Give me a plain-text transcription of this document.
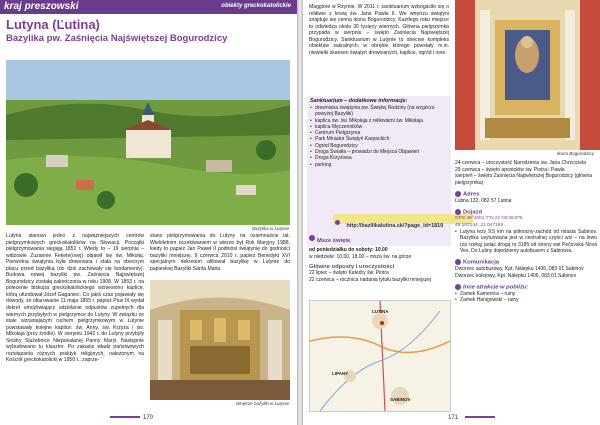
kraj preszowski	obiekty greckokatolickie
Lutyna (Ľutina)
Bazylika pw. Zaśnięcia Najświętszej Bogurodzicy
Bazylika w Lutynie
Lutyna stanowi jedno z najważniejszych centrów pielgrzymkowych greckokatolików na Słowacji. Początki pielgrzymowania sięgają 1851 r. Wtedy to – 19 sierpnia – widzowie Zuzannie Fekete(ovej) objawił się św. Mikołaj. Pierwotna świątynia była drewniana i stała na obecnym placu przed bazyliką (do dziś zachowały się fundamenty). Budowa nowej bazyliki pw. Zaśnięcia Najświętszej Bogurodzicy zostałą zakończona w roku 1908. W 1853 r. na polecenie biskupa greckokatolickiego wzniesiono kaplicę, którą ufundował Józef Gaganiec. Co jakiś czas pojawiały się dowody, że ofiarowanie 11 maja 1855 r. papież Pius IX wydał dekret umożliwiający udzielanie odpustów zupełnych dla wiernych przybyłych w pielgrzymce do Lutyny. W związku ze stale wzrastającym ruchem pielgrzymkowym w Lutynie powstawały kolejne kaplice: św. Anny, św. Krzyża i św. Mikołaja (przy źródle). W sierpniu 1942 r. do Lutyny przybyły Siostry Służebnice Niepokalanej Panny Maryi. Następnie wybudowano tu klasztor. Po zakazie władz państwowych rozwiązania różnych praktyk religijnych, nałożonym na Kościół greckokatolicki w 1950 r., zaprze-
stano pielgrzymowania do Lutyny na osiemnaście lat. Wieloletnim oczekiwaniem w wierze był Rok Maryjny 1988, kiedy to papież Jan Paweł II podniósł świątynię do godności bazyliki mniejszej. 9 czerwca 2010 r. papież Benedykt XVI specjalnym dekretem afiliował bazylikę w Lutynie do papieskiej Bazyliki Santa Maria
Wnętrze bazyliki w Lutynie
170
Maggiore w Rzymie. W 2011 r. sanktuarium wzbogaciło się o relikwie z krwią św. Jana Pawła II. We wnętrzu świątyni znajduje się cenna ikona Bogurodzicy. Każdego roku miejsce to odwiedza około 30 tysięcy wiernych. Główna pielgrzymka przypada w sierpniu – święto Zaśnięcia Najświętszej Bogurodzicy. Sanktuarium w Lutynie to obecnie kompleks obiektów sakralnych, w obrębie którego powstały m.in. niewielki skansen świątyń drewnianych, kaplice, ogród i inne.
Sanktuarium – dodatkowe informacje:
• drewniana świątynia pw. Świętej Rodziny (na wzgórzu powyżej Bazyliki)
• kaplica św. św. Mikołaja z relikwiami św. Mikołaja
• kaplica Męczenników
• Centrum Pielgrzyma
• Park Miniatur Świątyń Karpackich
• Ogród Bogurodzicy
• Droga Światła – prowadzi do Miejsca Objawień
• Droga Krzyżowa
• parking
http://bazilikalutina.sk/?page_id=1819
Msze święte
od poniedziałku do soboty: 10.00
w niedziele: 10.00, 18.00 – msza św. na górze
Główne odpusty i uroczystości
22 lipiec – święto Katedry św. Piotra
22 czerwca – rocznica nadania tytułu bazyliki mniejszej
ĽUTINA
SABINOV
LIPANY
Ikona Bogurodzicy
24 czerwca – uroczystość Narodzenia św. Jana Chrzciciela
29 czerwca – święto apostołów św. Piotra i Pawła
sierpień – święto Zaśnięcia Najświętszej Bogurodzicy (główna pielgrzymka)
Adres
Ľutina 132, 082 57 Ľutina
Dojazd
GPS 49°1001.7"N 21°03'49.8"E
49.167144, 21.047169
• Lutyna leży 9,5 km na północny-zachód od miasta Sabinov. Bazylika usytuowana jest w centralnej części wsi – na lewo (za rzeką) jadąc drogą nr 3185 od strony wsi Pečovská Nová Ves. Do Lutiny dojedziemy autobusem z Sabinova.
Komunikacja
Dworzec autobusowy, Kpt. Nálepku 1406, 083 01 Sabinov
Dworzec kolejowy, Kpt. Nálepku 1406, 083 01 Sabinov
Inne atrakcje w pobliżu:
• Zamek Kamenica – ruiny
• Zamek Hanigowski – ruiny
171
